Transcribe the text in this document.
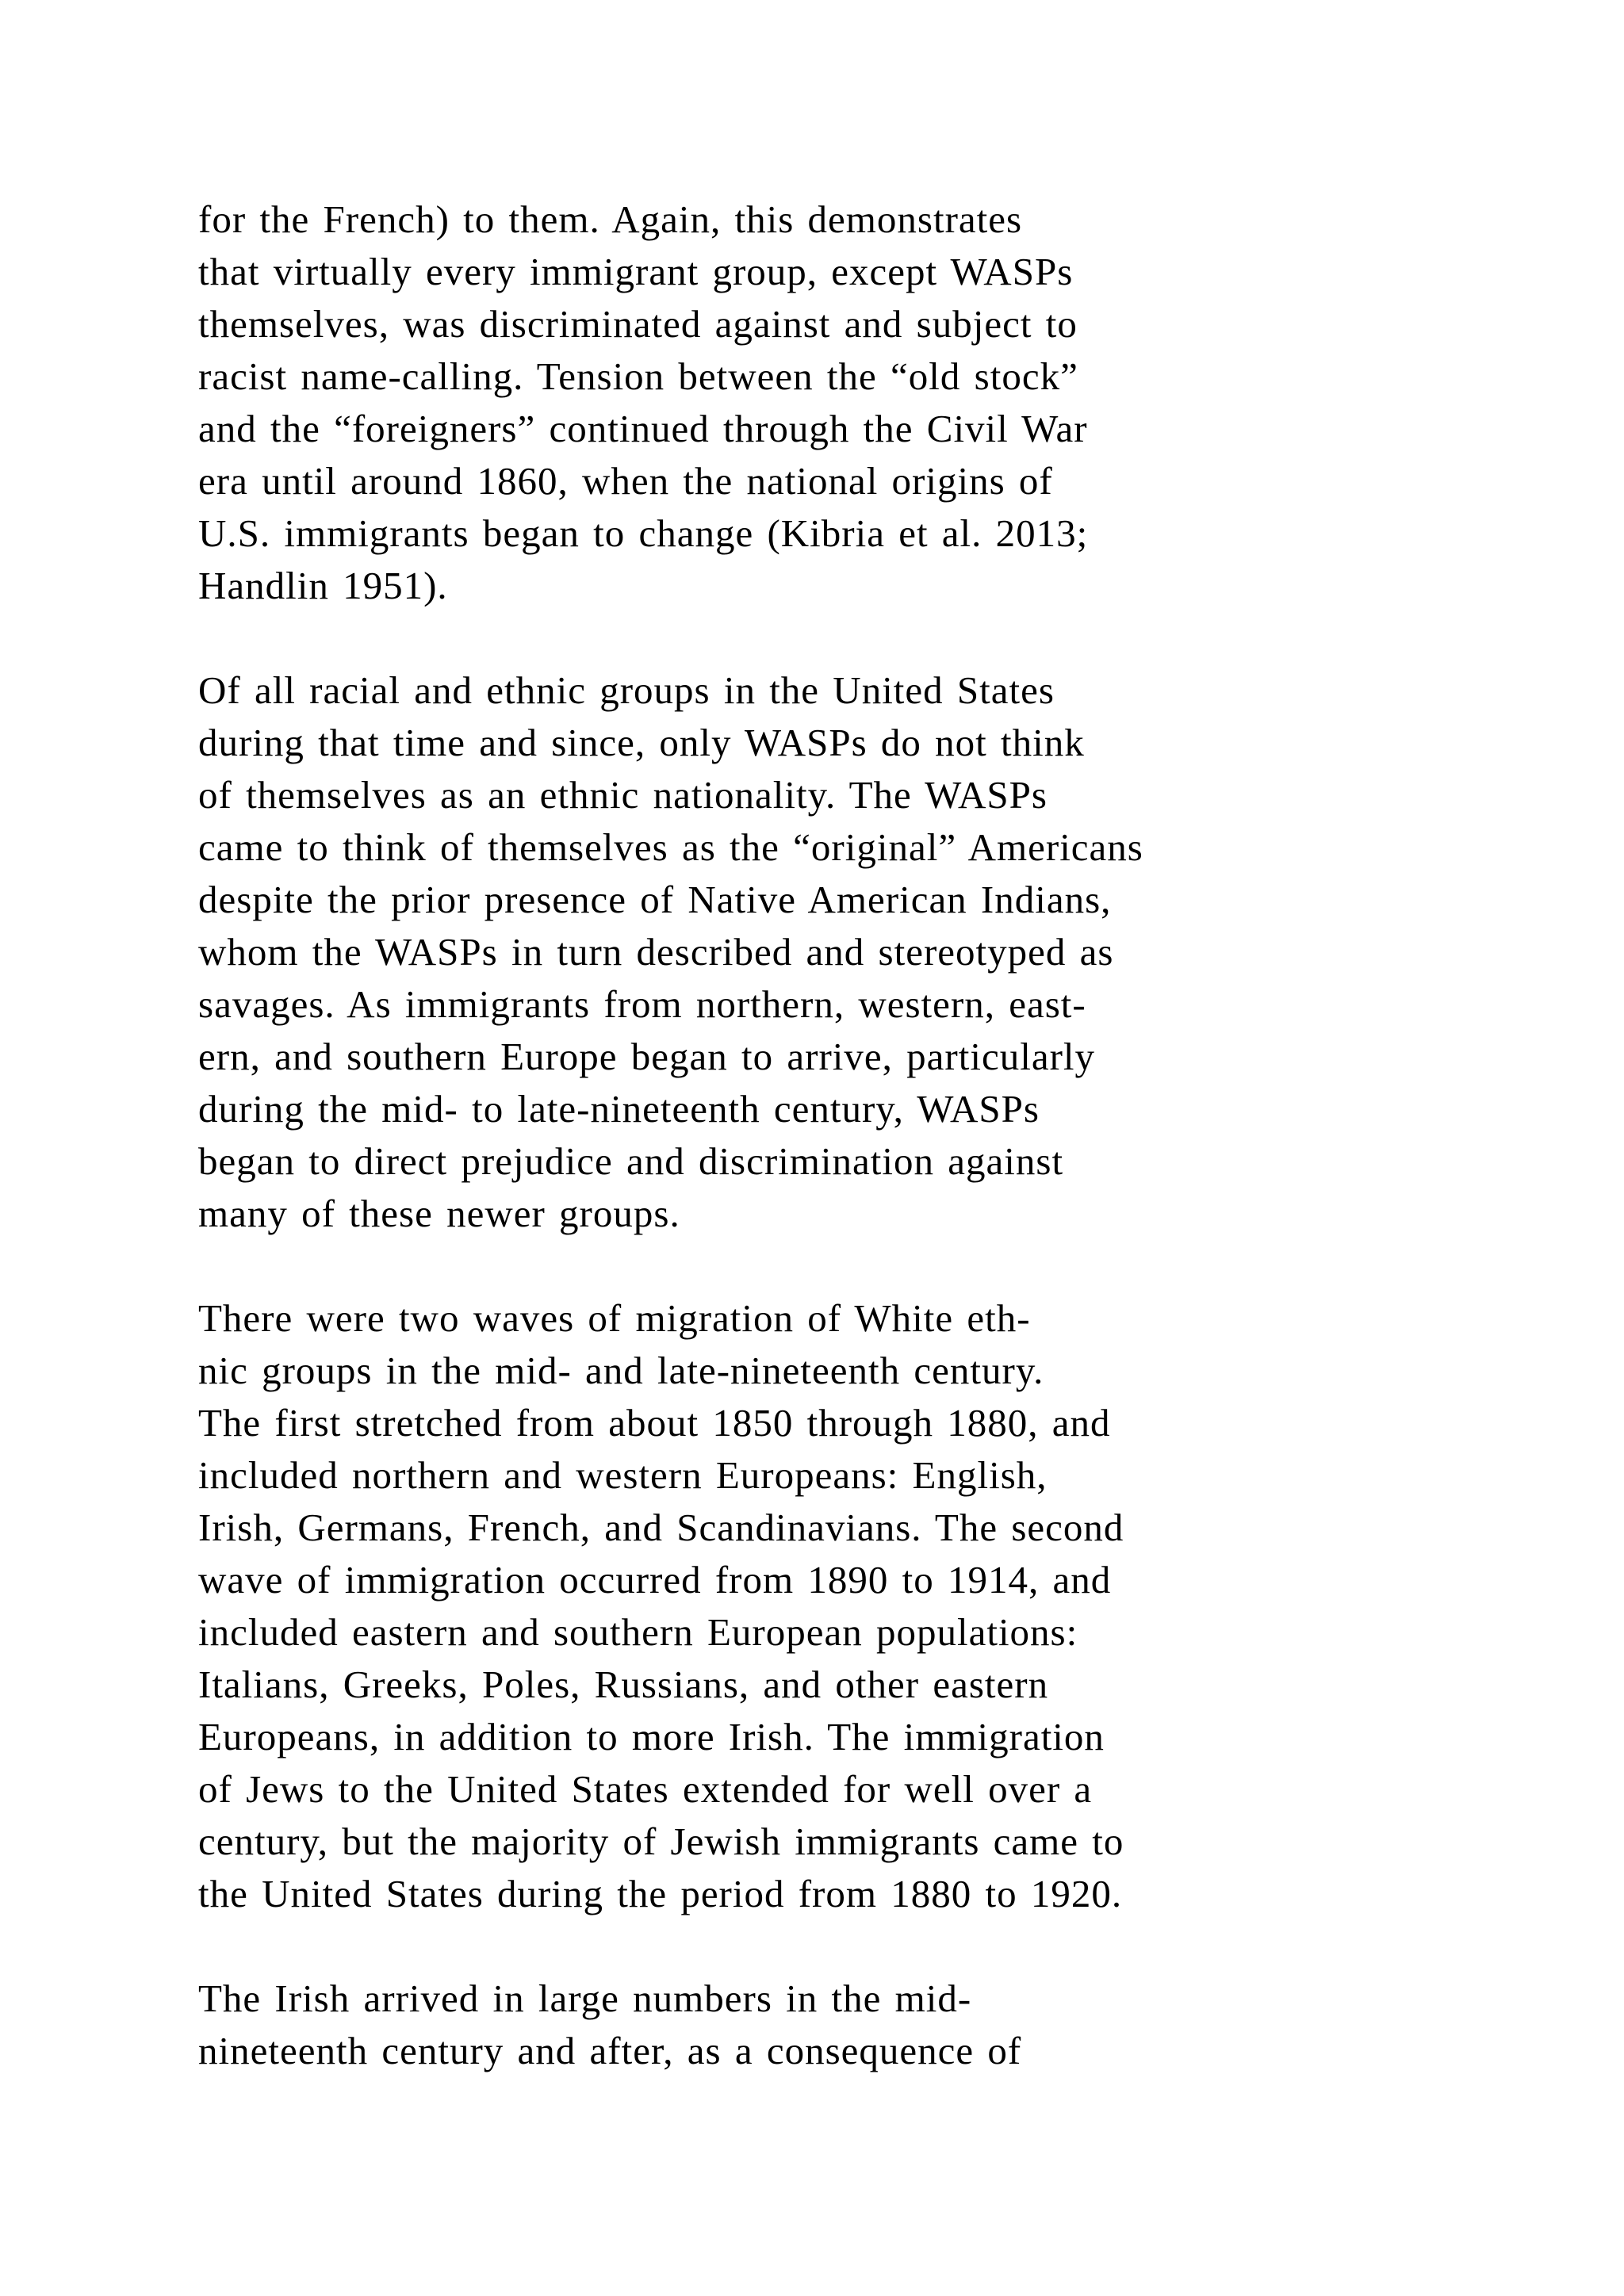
for the French) to them. Again, this demonstrates
that virtually every immigrant group, except WASPs
themselves, was discriminated against and subject to
racist name-calling. Tension between the “old stock”
and the “foreigners” continued through the Civil War
era until around 1860, when the national origins of
U.S. immigrants began to change (Kibria et al. 2013;
Handlin 1951).
Of all racial and ethnic groups in the United States
during that time and since, only WASPs do not think
of themselves as an ethnic nationality. The WASPs
came to think of themselves as the “original” Americans
despite the prior presence of Native American Indians,
whom the WASPs in turn described and stereotyped as
savages. As immigrants from northern, western, east-
ern, and southern Europe began to arrive, particularly
during the mid- to late-nineteenth century, WASPs
began to direct prejudice and discrimination against
many of these newer groups.
There were two waves of migration of White eth-
nic groups in the mid- and late-nineteenth century.
The first stretched from about 1850 through 1880, and
included northern and western Europeans: English,
Irish, Germans, French, and Scandinavians. The second
wave of immigration occurred from 1890 to 1914, and
included eastern and southern European populations:
Italians, Greeks, Poles, Russians, and other eastern
Europeans, in addition to more Irish. The immigration
of Jews to the United States extended for well over a
century, but the majority of Jewish immigrants came to
the United States during the period from 1880 to 1920.
The Irish arrived in large numbers in the mid-
nineteenth century and after, as a consequence of
